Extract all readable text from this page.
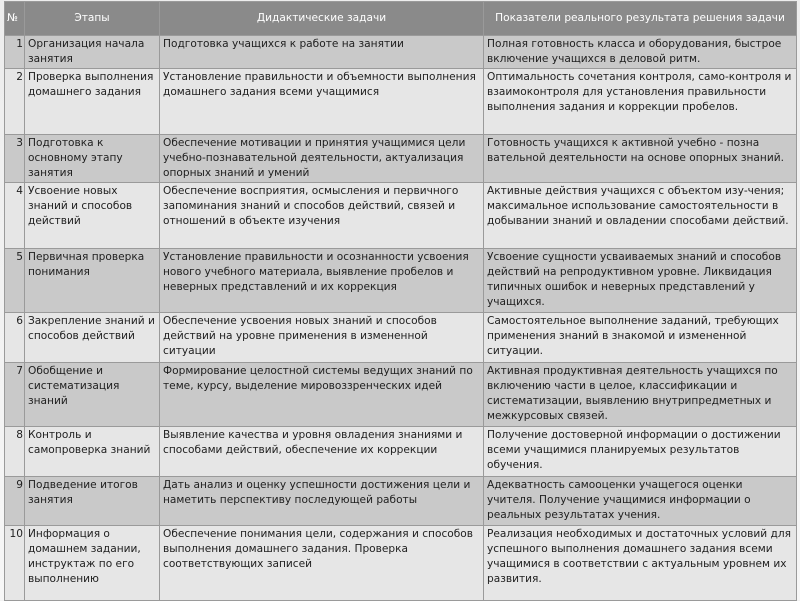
№	Этапы	Дидактические задачи	Показатели реального результата решения задачи
1	Организация начала занятия	Подготовка учащихся к работе на занятии	Полная готовность класса и оборудования, быстрое включение учащихся в деловой ритм.
2	Проверка выполнения домашнего задания	Установление правильности и объемности выполнения домашнего задания всеми учащимися	Оптимальность сочетания контроля, само-контроля и взаимоконтроля для установления правильности выполнения задания и коррекции пробелов.
3	Подготовка к основному этапу занятия	Обеспечение мотивации и принятия учащимися цели учебно-познавательной деятельности, актуализация опорных знаний и умений	Готовность учащихся к активной учебно - позна вательной деятельности на основе опорных знаний.
4	Усвоение новых знаний и способов действий	Обеспечение восприятия, осмысления и первичного запоминания знаний и способов действий, связей и отношений в объекте изучения	Активные действия учащихся с объектом изу-чения; максимальное использование самостоятельности в добывании знаний и овладении способами действий.
5	Первичная проверка понимания	Установление правильности и осознанности усвоения нового учебного материала, выявление пробелов и неверных представлений и их коррекция	Усвоение сущности усваиваемых знаний и способов действий на репродуктивном уровне. Ликвидация типичных ошибок и неверных представлений у учащихся.
6	Закрепление знаний и способов действий	Обеспечение усвоения новых знаний и способов действий на уровне применения в измененной ситуации	Самостоятельное выполнение заданий, требующих применения знаний в знакомой и измененной ситуации.
7	Обобщение и систематизация знаний	Формирование целостной системы ведущих знаний по теме, курсу, выделение мировоззренческих идей	Активная продуктивная деятельность учащихся по включению части в целое, классификации и систематизации, выявлению внутрипредметных и межкурсовых связей.
8	Контроль и самопроверка знаний	Выявление качества и уровня овладения знаниями и способами действий, обеспечение их коррекции	Получение достоверной информации о достижении всеми учащимися планируемых результатов обучения.
9	Подведение итогов занятия	Дать анализ и оценку успешности достижения цели и наметить перспективу последующей работы	Адекватность самооценки учащегося оценки учителя. Получение учащимися информации о реальных результатах учения.
10	Информация о домашнем задании, инструктаж по его выполнению	Обеспечение понимания цели, содержания и способов выполнения домашнего задания. Проверка соответствующих записей	Реализация необходимых и достаточных условий для успешного выполнения домашнего задания всеми учащимися в соответствии с актуальным уровнем их развития.
